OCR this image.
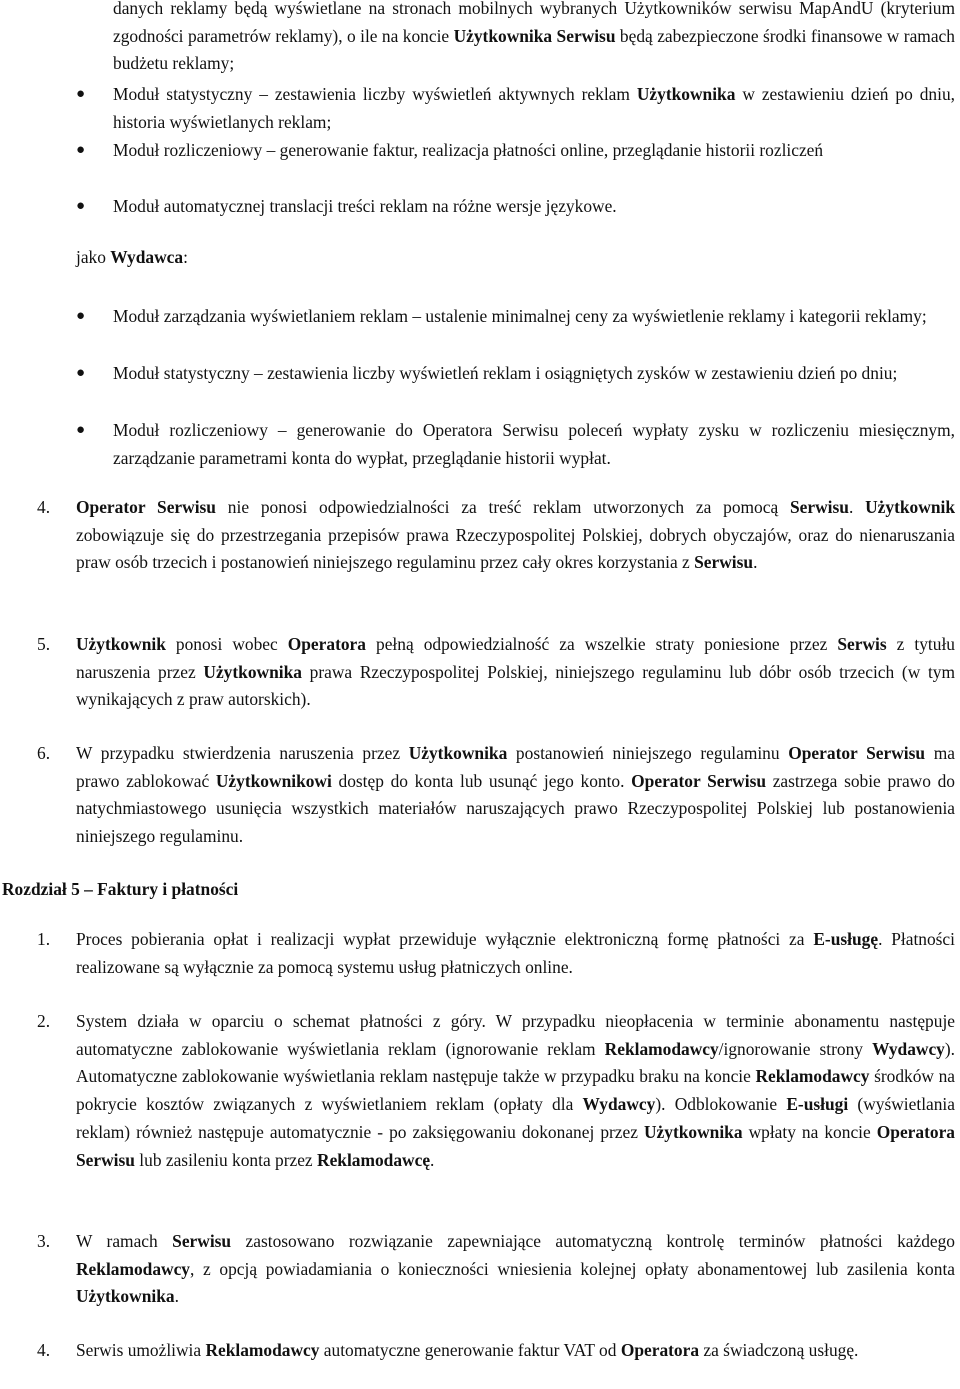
danych reklamy będą wyświetlane na stronach mobilnych wybranych Użytkowników serwisu MapAndU (kryterium zgodności parametrów reklamy), o ile na koncie Użytkownika Serwisu będą zabezpieczone środki finansowe w ramach budżetu reklamy;

● Moduł statystyczny – zestawienia liczby wyświetleń aktywnych reklam Użytkownika w zestawieniu dzień po dniu, historia wyświetlanych reklam;

● Moduł rozliczeniowy – generowanie faktur, realizacja płatności online, przeglądanie historii rozliczeń

● Moduł automatycznej translacji treści reklam na różne wersje językowe.

jako Wydawca:

● Moduł zarządzania wyświetlaniem reklam – ustalenie minimalnej ceny za wyświetlenie reklamy i kategorii reklamy;

● Moduł statystyczny – zestawienia liczby wyświetleń reklam i osiągniętych zysków w zestawieniu dzień po dniu;

● Moduł rozliczeniowy – generowanie do Operatora Serwisu poleceń wypłaty zysku w rozliczeniu miesięcznym, zarządzanie parametrami konta do wypłat, przeglądanie historii wypłat.

4. Operator Serwisu nie ponosi odpowiedzialności za treść reklam utworzonych za pomocą Serwisu. Użytkownik zobowiązuje się do przestrzegania przepisów prawa Rzeczypospolitej Polskiej, dobrych obyczajów, oraz do nienaruszania praw osób trzecich i postanowień niniejszego regulaminu przez cały okres korzystania z Serwisu.

5. Użytkownik ponosi wobec Operatora pełną odpowiedzialność za wszelkie straty poniesione przez Serwis z tytułu naruszenia przez Użytkownika prawa Rzeczypospolitej Polskiej, niniejszego regulaminu lub dóbr osób trzecich (w tym wynikających z praw autorskich).

6. W przypadku stwierdzenia naruszenia przez Użytkownika postanowień niniejszego regulaminu Operator Serwisu ma prawo zablokować Użytkownikowi dostęp do konta lub usunąć jego konto. Operator Serwisu zastrzega sobie prawo do natychmiastowego usunięcia wszystkich materiałów naruszających prawo Rzeczypospolitej Polskiej lub postanowienia niniejszego regulaminu.

Rozdział 5 – Faktury i płatności

1. Proces pobierania opłat i realizacji wypłat przewiduje wyłącznie elektroniczną formę płatności za E-usługę. Płatności realizowane są wyłącznie za pomocą systemu usług płatniczych online.

2. System działa w oparciu o schemat płatności z góry. W przypadku nieopłacenia w terminie abonamentu następuje automatyczne zablokowanie wyświetlania reklam (ignorowanie reklam Reklamodawcy/ignorowanie strony Wydawcy). Automatyczne zablokowanie wyświetlania reklam następuje także w przypadku braku na koncie Reklamodawcy środków na pokrycie kosztów związanych z wyświetlaniem reklam (opłaty dla Wydawcy). Odblokowanie E-usługi (wyświetlania reklam) również następuje automatycznie - po zaksięgowaniu dokonanej przez Użytkownika wpłaty na koncie Operatora Serwisu lub zasileniu konta przez Reklamodawcę.

3. W ramach Serwisu zastosowano rozwiązanie zapewniające automatyczną kontrolę terminów płatności każdego Reklamodawcy, z opcją powiadamiania o konieczności wniesienia kolejnej opłaty abonamentowej lub zasilenia konta Użytkownika.

4. Serwis umożliwia Reklamodawcy automatyczne generowanie faktur VAT od Operatora za świadczoną usługę.
